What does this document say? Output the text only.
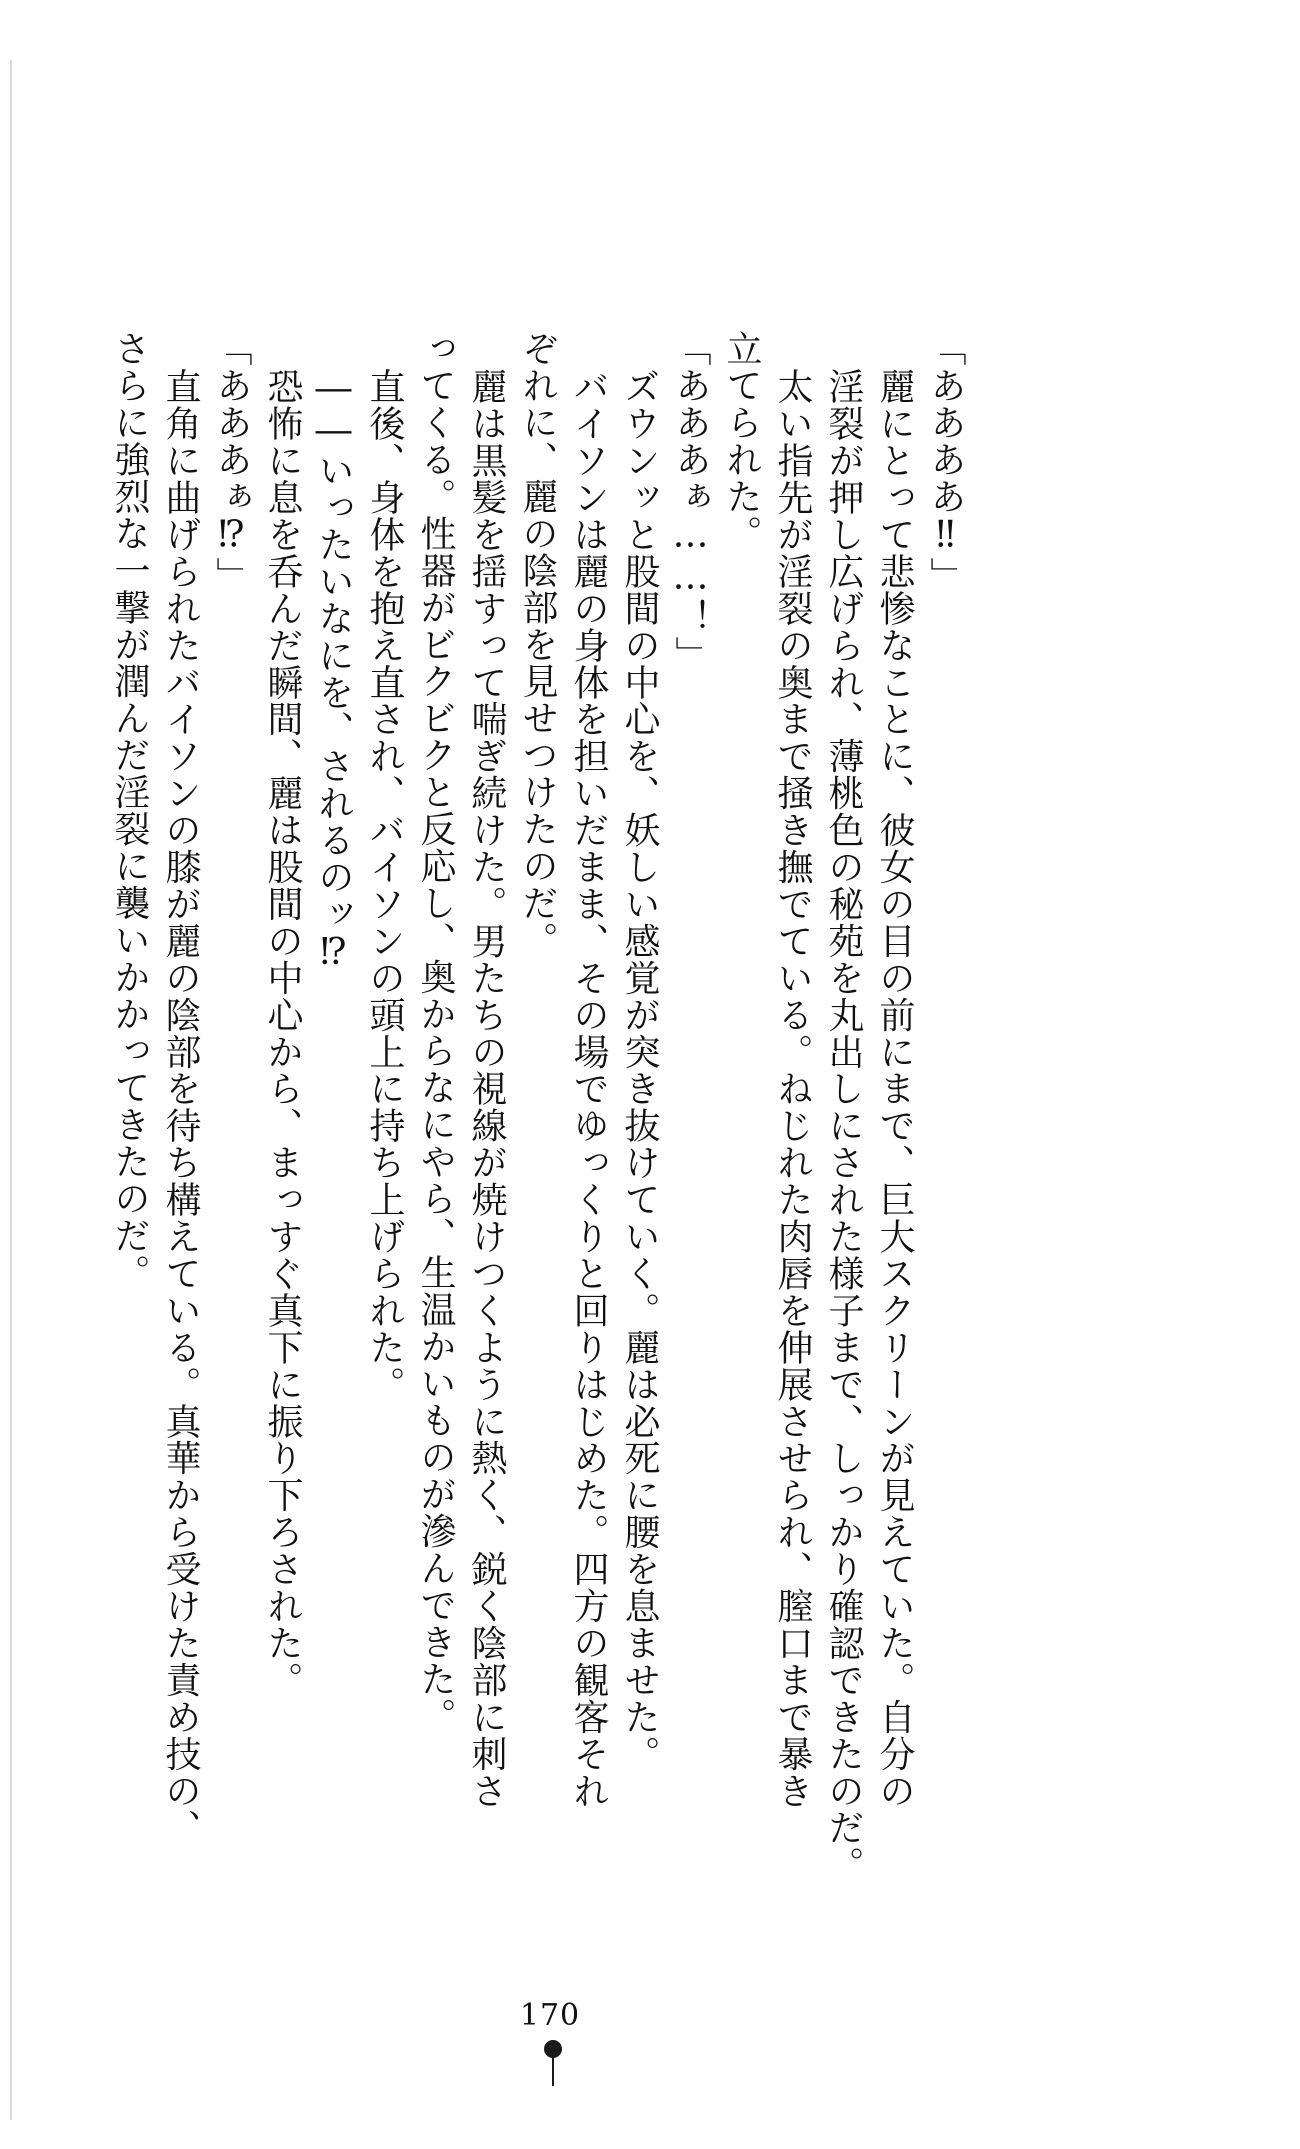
「ああああ‼」
麗にとって悲惨なことに、彼女の目の前にまで、巨大スクリーンが見えていた。自分の
淫裂が押し広げられ、薄桃色の秘苑を丸出しにされた様子まで、しっかり確認できたのだ。
太い指先が淫裂の奥まで掻き撫でている。ねじれた肉唇を伸展させられ、膣口まで暴き
立てられた。
「あああぁ……！」
ズウンッと股間の中心を、妖しい感覚が突き抜けていく。麗は必死に腰を息ませた。
バイソンは麗の身体を担いだまま、その場でゆっくりと回りはじめた。四方の観客それ
ぞれに、麗の陰部を見せつけたのだ。
麗は黒髪を揺すって喘ぎ続けた。男たちの視線が焼けつくように熱く、鋭く陰部に刺さ
ってくる。性器がビクビクと反応し、奥からなにやら、生温かいものが滲んできた。
直後、身体を抱え直され、バイソンの頭上に持ち上げられた。
――いったいなにを、されるのッ⁉
恐怖に息を呑んだ瞬間、麗は股間の中心から、まっすぐ真下に振り下ろされた。
「あああぁ⁉」
直角に曲げられたバイソンの膝が麗の陰部を待ち構えている。真華から受けた責め技の、
さらに強烈な一撃が潤んだ淫裂に襲いかかってきたのだ。
170
